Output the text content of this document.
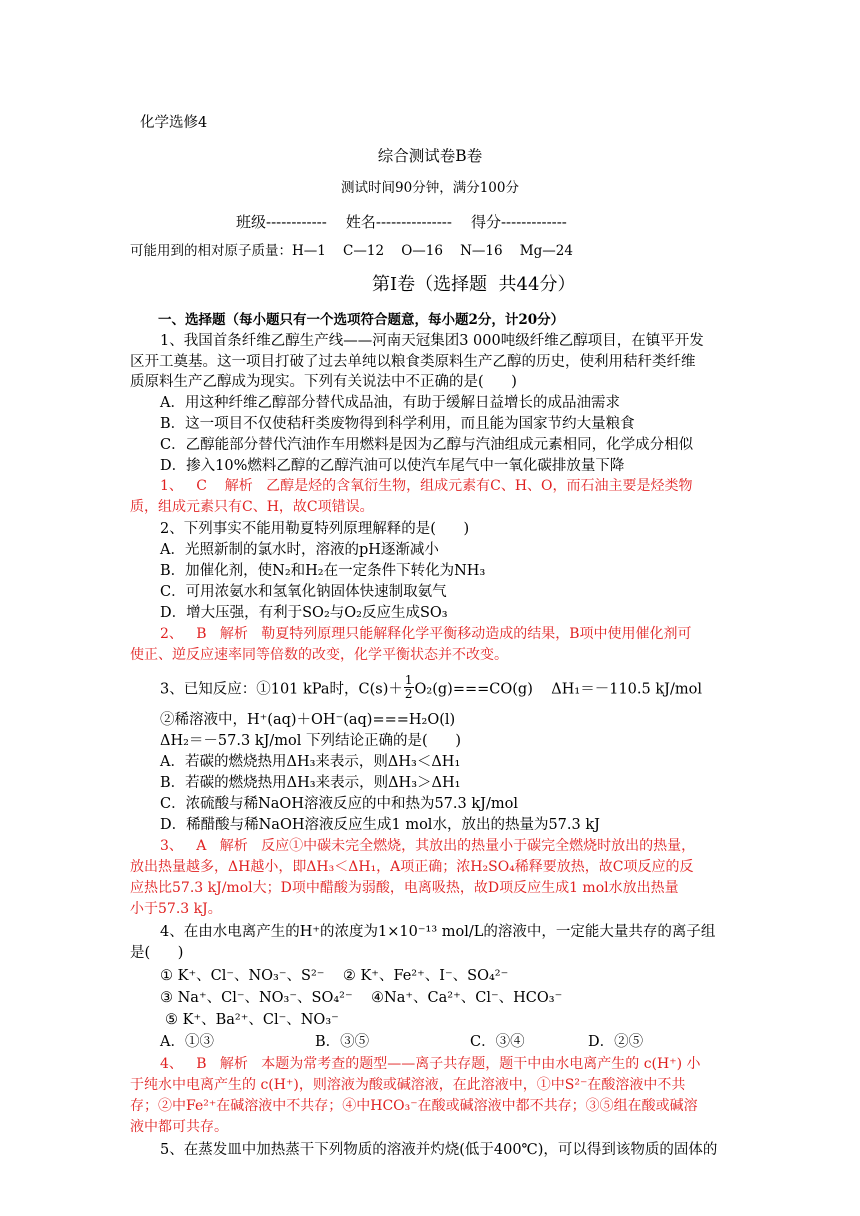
化学选修4
综合测试卷B卷
测试时间90分钟，满分100分
班级------------    姓名---------------    得分-------------
可能用到的相对原子质量：H—1    C—12    O—16    N—16    Mg—24
第Ⅰ卷（选择题  共44分）
一、选择题（每小题只有一个选项符合题意，每小题2分，计20分）
1、我国首条纤维乙醇生产线——河南天冠集团3 000吨级纤维乙醇项目，在镇平开发
区开工奠基。这一项目打破了过去单纯以粮食类原料生产乙醇的历史，使利用秸秆类纤维
质原料生产乙醇成为现实。下列有关说法中不正确的是(      )
A．用这种纤维乙醇部分替代成品油，有助于缓解日益增长的成品油需求
B．这一项目不仅使秸秆类废物得到科学利用，而且能为国家节约大量粮食
C．乙醇能部分替代汽油作车用燃料是因为乙醇与汽油组成元素相同，化学成分相似
D．掺入10%燃料乙醇的乙醇汽油可以使汽车尾气中一氧化碳排放量下降
1、   C    解析   乙醇是烃的含氧衍生物，组成元素有C、H、O，而石油主要是烃类物
质，组成元素只有C、H，故C项错误。
2、下列事实不能用勒夏特列原理解释的是(      )
A．光照新制的氯水时，溶液的pH逐渐减小
B．加催化剂，使N₂和H₂在一定条件下转化为NH₃
C．可用浓氨水和氢氧化钠固体快速制取氨气
D．增大压强，有利于SO₂与O₂反应生成SO₃
2、   B   解析   勒夏特列原理只能解释化学平衡移动造成的结果，B项中使用催化剂可
使正、逆反应速率同等倍数的改变，化学平衡状态并不改变。
3、已知反应：①101 kPa时，$C(s)+ \frac{1}{2} O_2(g)===CO(g)$    ΔH₁＝－110.5 kJ/mol
②稀溶液中，H⁺(aq)＋OH⁻(aq)===H₂O(l)
ΔH₂＝－57.3 kJ/mol 下列结论正确的是(      )
A．若碳的燃烧热用ΔH₃来表示，则ΔH₃＜ΔH₁
B．若碳的燃烧热用ΔH₃来表示，则ΔH₃＞ΔH₁
C．浓硫酸与稀NaOH溶液反应的中和热为57.3 kJ/mol
D．稀醋酸与稀NaOH溶液反应生成1 mol水，放出的热量为57.3 kJ
3、   A   解析   反应①中碳未完全燃烧，其放出的热量小于碳完全燃烧时放出的热量，
放出热量越多，ΔH越小，即ΔH₃＜ΔH₁，A项正确；浓H₂SO₄稀释要放热，故C项反应的反
应热比57.3 kJ/mol大；D项中醋酸为弱酸，电离吸热，故D项反应生成1 mol水放出热量
小于57.3 kJ。
4、在由水电离产生的H⁺的浓度为1×10⁻¹³ mol/L的溶液中，一定能大量共存的离子组
是(      )
① K⁺、Cl⁻、NO₃⁻、S²⁻    ② K⁺、Fe²⁺、I⁻、SO₄²⁻
③ Na⁺、Cl⁻、NO₃⁻、SO₄²⁻    ④Na⁺、Ca²⁺、Cl⁻、HCO₃⁻
⑤ K⁺、Ba²⁺、Cl⁻、NO₃⁻
A．①③	B．③⑤	C．③④	D．②⑤
4、   B   解析   本题为常考查的题型——离子共存题，题干中由水电离产生的 c(H⁺) 小
于纯水中电离产生的 c(H⁺)，则溶液为酸或碱溶液，在此溶液中，①中S²⁻在酸溶液中不共
存；②中Fe²⁺在碱溶液中不共存；④中HCO₃⁻在酸或碱溶液中都不共存；③⑤组在酸或碱溶
液中都可共存。
5、在蒸发皿中加热蒸干下列物质的溶液并灼烧(低于400℃)，可以得到该物质的固体的
